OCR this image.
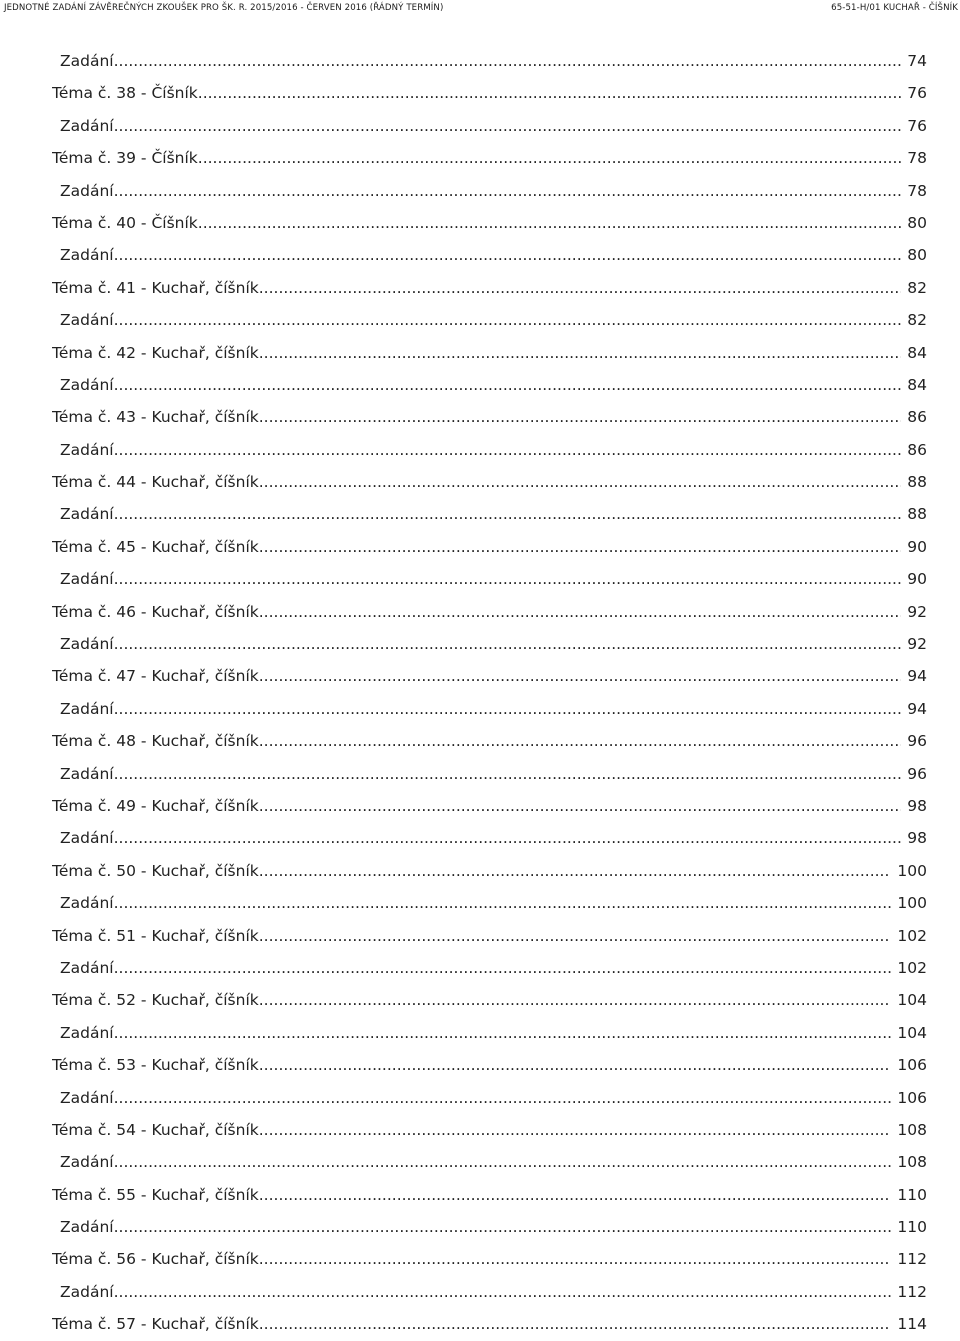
JEDNOTNÉ ZADÁNÍ ZÁVĚREČNÝCH ZKOUŠEK PRO ŠK. R. 2015/2016 - ČERVEN 2016 (ŘÁDNÝ TERMÍN)	65-51-H/01 KUCHAŘ - ČÍŠNÍK
Zadání .....	74
Téma č. 38 - Číšník .....	76
Zadání .....	76
Téma č. 39 - Číšník .....	78
Zadání .....	78
Téma č. 40 - Číšník .....	80
Zadání .....	80
Téma č. 41 - Kuchař, číšník .....	82
Zadání .....	82
Téma č. 42 - Kuchař, číšník .....	84
Zadání .....	84
Téma č. 43 - Kuchař, číšník .....	86
Zadání .....	86
Téma č. 44 - Kuchař, číšník .....	88
Zadání .....	88
Téma č. 45 - Kuchař, číšník .....	90
Zadání .....	90
Téma č. 46 - Kuchař, číšník .....	92
Zadání .....	92
Téma č. 47 - Kuchař, číšník .....	94
Zadání .....	94
Téma č. 48 - Kuchař, číšník .....	96
Zadání .....	96
Téma č. 49 - Kuchař, číšník .....	98
Zadání .....	98
Téma č. 50 - Kuchař, číšník .....	100
Zadání .....	100
Téma č. 51 - Kuchař, číšník .....	102
Zadání .....	102
Téma č. 52 - Kuchař, číšník .....	104
Zadání .....	104
Téma č. 53 - Kuchař, číšník .....	106
Zadání .....	106
Téma č. 54 - Kuchař, číšník .....	108
Zadání .....	108
Téma č. 55 - Kuchař, číšník .....	110
Zadání .....	110
Téma č. 56 - Kuchař, číšník .....	112
Zadání .....	112
Téma č. 57 - Kuchař, číšník .....	114
